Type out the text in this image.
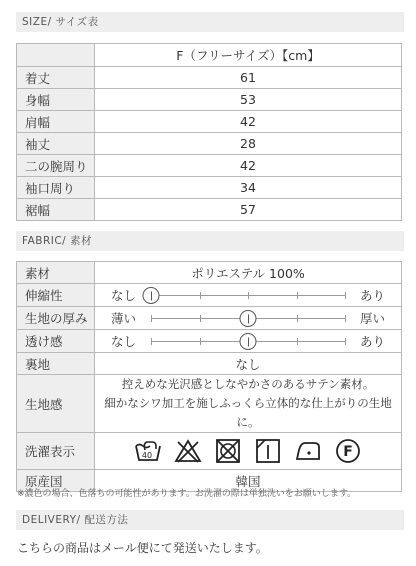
SIZE/ サイズ表
	F（フリーサイズ）【cm】
着丈	61
身幅	53
肩幅	42
袖丈	28
二の腕周り	42
袖口周り	34
裾幅	57
FABRIC/ 素材
素材	ポリエステル 100%
伸縮性	なし あり

生地の厚み	薄い 厚い

透け感	なし あり

裏地	なし
生地感	控えめな光沢感としなやかさのあるサテン素材。
細かなシワ加工を施しふっくら立体的な仕上がりの生地に。

洗濯表示	40 F

原産国	韓国
※濃色の場合、色落ちの可能性があります。お洗濯の際は単独洗いをお願いします。
DELIVERY/ 配送方法
こちらの商品はメール便にて発送いたします。
